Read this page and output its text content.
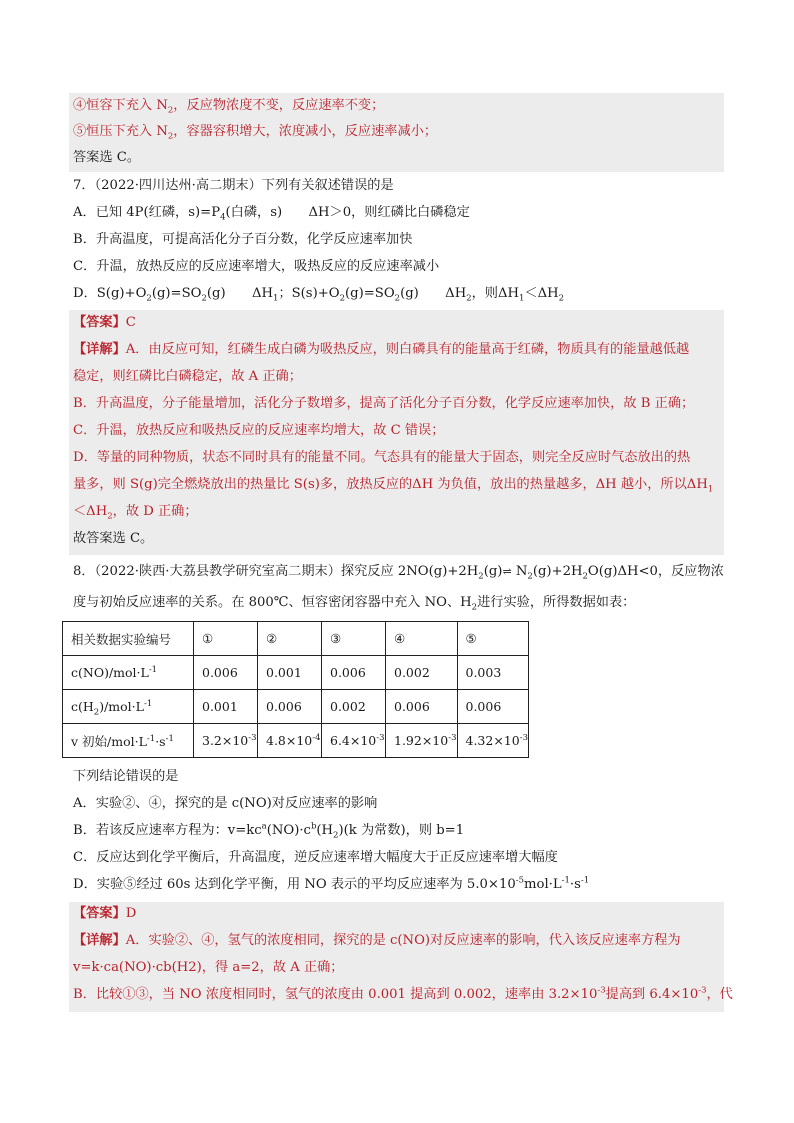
④恒容下充入 $N_2$，反应物浓度不变，反应速率不变；
⑤恒压下充入 $N_2$，容器容积增大，浓度减小，反应速率减小；
答案选 C。
7．（2022·四川达州·高二期末）下列有关叙述错误的是
A．已知 4P(红磷，$s)=P_4$(白磷，s)　　ΔH＞0，则红磷比白磷稳定
B．升高温度，可提高活化分子百分数，化学反应速率加快
C．升温，放热反应的反应速率增大，吸热反应的反应速率减小
D．$S(g)+O_2(g)=SO_2(g)$　　$\Delta H_1$；$S(s)+O_2(g)=SO_2(g)$　　$\Delta H_2$，则$\Delta H_1<\Delta H_2$
【答案】C
【详解】A．由反应可知，红磷生成白磷为吸热反应，则白磷具有的能量高于红磷，物质具有的能量越低越
稳定，则红磷比白磷稳定，故 A 正确；
B．升高温度，分子能量增加，活化分子数增多，提高了活化分子百分数，化学反应速率加快，故 B 正确；
C．升温，放热反应和吸热反应的反应速率均增大，故 C 错误；
D．等量的同种物质，状态不同时具有的能量不同。气态具有的能量大于固态，则完全反应时气态放出的热
量多，则 S(g)完全燃烧放出的热量比 S(s)多，放热反应的ΔH 为负值，放出的热量越多，ΔH 越小，所以$\Delta H_1$
$<\Delta H_2$，故 D 正确；
故答案选 C。
8．（2022·陕西·大荔县教学研究室高二期末）探究反应 $2NO(g)+2H_2(g)\rightleftharpoons$ $N_2(g)+2H_2O(g)\Delta H<0$，反应物浓
度与初始反应速率的关系。在 800℃、恒容密闭容器中充入 NO、$H_2$进行实验，所得数据如表：
相关数据实验编号	①	②	③	④	⑤
$c(NO)/mol\cdot L^{-1}$	0.006	0.001	0.006	0.002	0.003
$c(H_2)/mol\cdot L^{-1}$	0.001	0.006	0.002	0.006	0.006
v 初始$/mol\cdot L^{-1}\cdot s^{-1}$	$3.2\times 10^{-3}$	$4.8\times 10^{-4}$	$6.4\times 10^{-3}$	$1.92\times 10^{-3}$	$4.32\times 10^{-3}$
下列结论错误的是
A．实验②、④，探究的是 c(NO)对反应速率的影响
B．若该反应速率方程为：$v=kc^a(NO)\cdot c^b(H_2)(k$ 为常数)，则 b=1
C．反应达到化学平衡后，升高温度，逆反应速率增大幅度大于正反应速率增大幅度
D．实验⑤经过 60s 达到化学平衡，用 NO 表示的平均反应速率为 $5.0\times 10^{-5}mol\cdot L^{-1}\cdot s^{-1}$
【答案】D
【详解】A．实验②、④，氢气的浓度相同，探究的是 c(NO)对反应速率的影响，代入该反应速率方程为
v=k·ca(NO)·cb(H2)，得 a=2，故 A 正确；
B．比较①③，当 NO 浓度相同时，氢气的浓度由 0.001 提高到 0.002，速率由 $3.2\times 10^{-3}$提高到 $6.4\times 10^{-3}$，代
